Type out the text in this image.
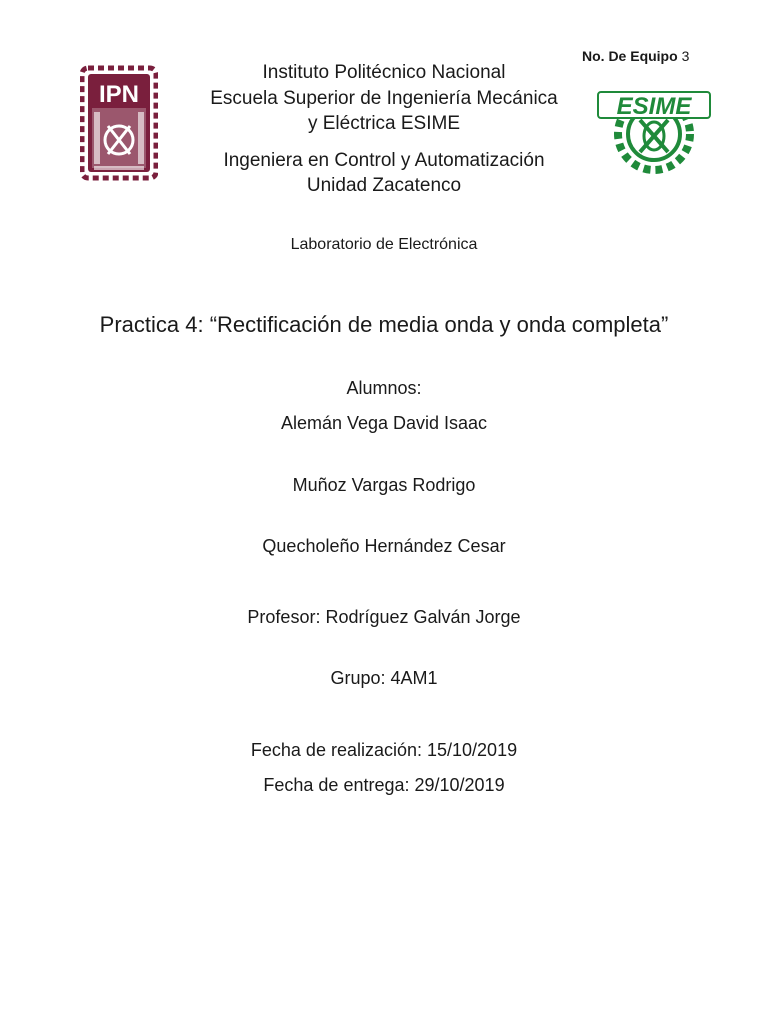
IPN
No. De Equipo 3
ESIME
Instituto Politécnico Nacional
Escuela Superior de Ingeniería Mecánica
y Eléctrica ESIME
Ingeniera en Control y Automatización
Unidad Zacatenco
Laboratorio de Electrónica
Practica 4: “Rectificación de media onda y onda completa”
Alumnos:
Alemán Vega David Isaac
Muñoz Vargas Rodrigo
Quecholeño Hernández Cesar
Profesor: Rodríguez Galván Jorge
Grupo: 4AM1
Fecha de realización: 15/10/2019
Fecha de entrega: 29/10/2019
